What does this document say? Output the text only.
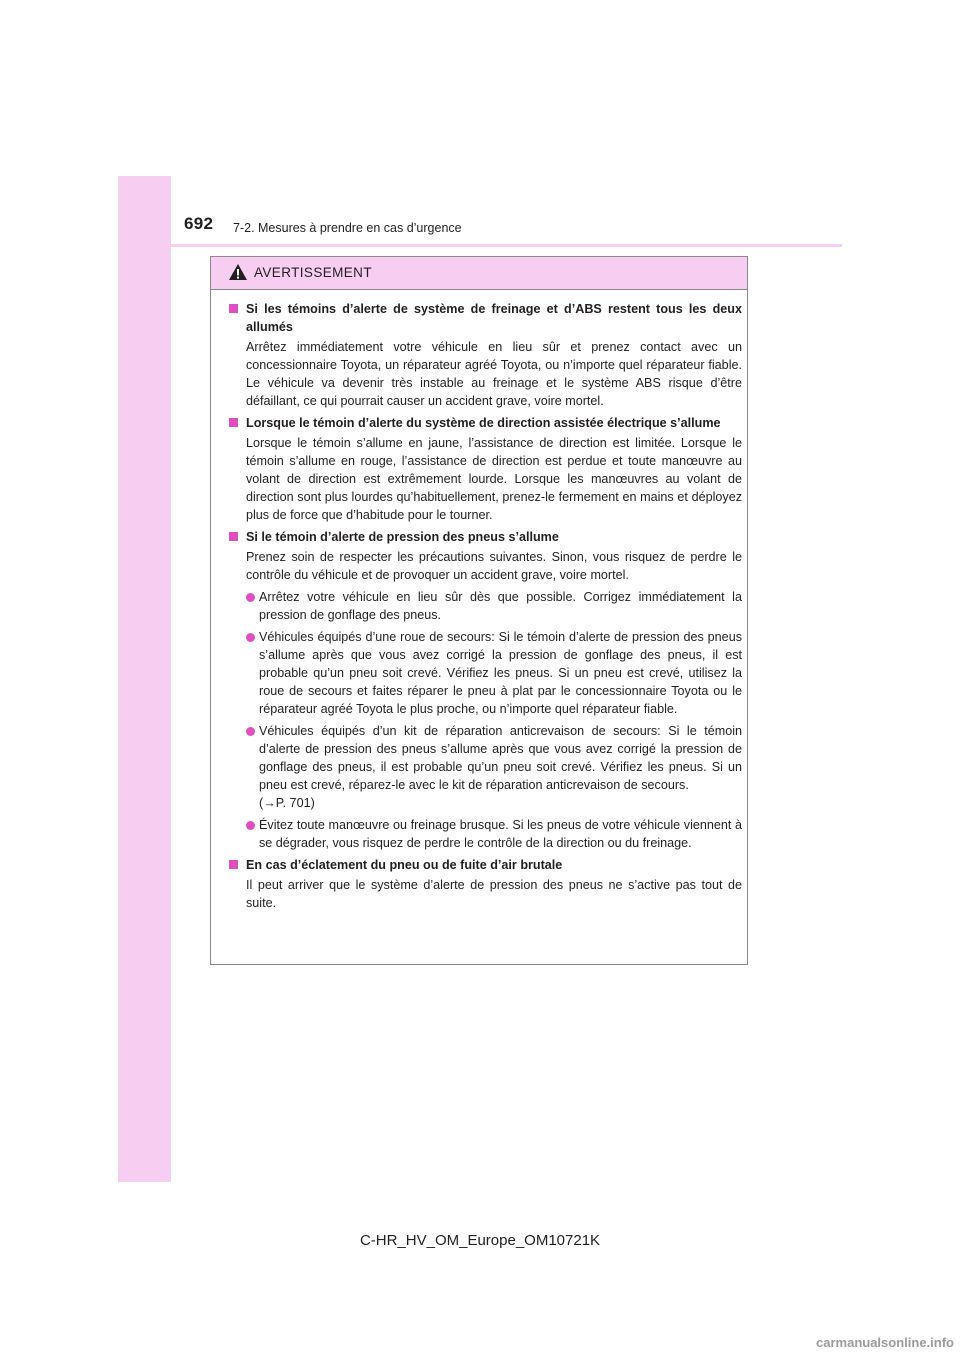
692 7-2. Mesures à prendre en cas d’urgence
AVERTISSEMENT
Si les témoins d’alerte de système de freinage et d’ABS restent tous les deux allumés
Arrêtez immédiatement votre véhicule en lieu sûr et prenez contact avec un concessionnaire Toyota, un réparateur agréé Toyota, ou n’importe quel réparateur fiable. Le véhicule va devenir très instable au freinage et le système ABS risque d’être défaillant, ce qui pourrait causer un accident grave, voire mortel.
Lorsque le témoin d’alerte du système de direction assistée électrique s’allume
Lorsque le témoin s’allume en jaune, l’assistance de direction est limitée. Lorsque le témoin s’allume en rouge, l’assistance de direction est perdue et toute manœuvre au volant de direction est extrêmement lourde. Lorsque les manœuvres au volant de direction sont plus lourdes qu’habituellement, prenez-le fermement en mains et déployez plus de force que d’habitude pour le tourner.
Si le témoin d’alerte de pression des pneus s’allume
Prenez soin de respecter les précautions suivantes. Sinon, vous risquez de perdre le contrôle du véhicule et de provoquer un accident grave, voire mortel.
Arrêtez votre véhicule en lieu sûr dès que possible. Corrigez immédiatement la pression de gonflage des pneus.
Véhicules équipés d’une roue de secours: Si le témoin d’alerte de pression des pneus s’allume après que vous avez corrigé la pression de gonflage des pneus, il est probable qu’un pneu soit crevé. Vérifiez les pneus. Si un pneu est crevé, utilisez la roue de secours et faites réparer le pneu à plat par le concessionnaire Toyota ou le réparateur agréé Toyota le plus proche, ou n’importe quel réparateur fiable.
Véhicules équipés d’un kit de réparation anticrevaison de secours: Si le témoin d’alerte de pression des pneus s’allume après que vous avez corrigé la pression de gonflage des pneus, il est probable qu’un pneu soit crevé. Vérifiez les pneus. Si un pneu est crevé, réparez-le avec le kit de réparation anticrevaison de secours.
(→P. 701)
Évitez toute manœuvre ou freinage brusque. Si les pneus de votre véhicule viennent à se dégrader, vous risquez de perdre le contrôle de la direction ou du freinage.
En cas d’éclatement du pneu ou de fuite d’air brutale
Il peut arriver que le système d’alerte de pression des pneus ne s’active pas tout de suite.
C-HR_HV_OM_Europe_OM10721K
carmanualsonline.info
